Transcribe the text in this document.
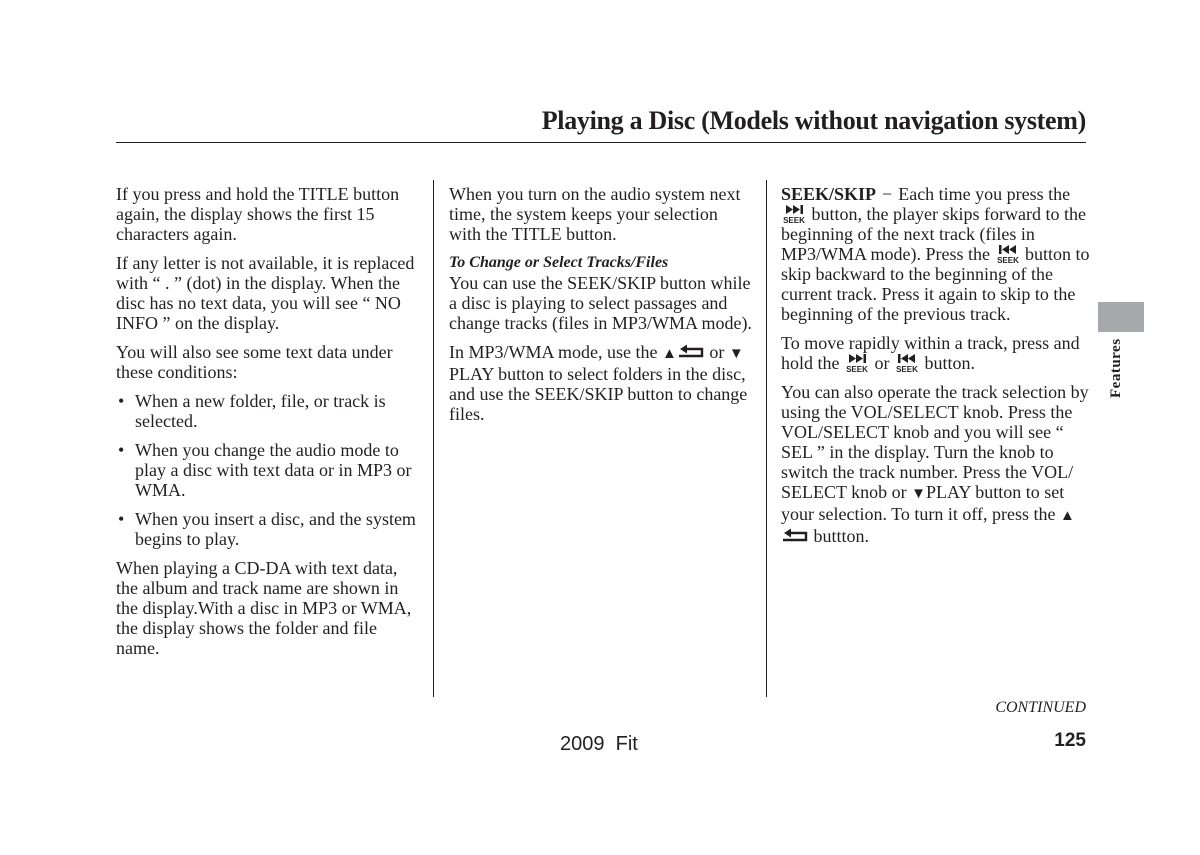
Playing a Disc (Models without navigation system)

If you press and hold the TITLE button again, the display shows the first 15 characters again.

If any letter is not available, it is replaced with “ . ” (dot) in the display. When the disc has no text data, you will see “ NO INFO ” on the display.

You will also see some text data under these conditions:

• When a new folder, file, or track is selected.
• When you change the audio mode to play a disc with text data or in MP3 or WMA.
• When you insert a disc, and the system begins to play.

When playing a CD-DA with text data, the album and track name are shown in the display.With a disc in MP3 or WMA, the display shows the folder and file name.

When you turn on the audio system next time, the system keeps your selection with the TITLE button.

To Change or Select Tracks/Files
You can use the SEEK/SKIP button while a disc is playing to select passages and change tracks (files in MP3/WMA mode).

In MP3/WMA mode, use the ▲ or ▼PLAY button to select folders in the disc, and use the SEEK/SKIP button to change files.

SEEK/SKIP − Each time you press the
SEEK button, the player skips forward to the beginning of the next track (files in MP3/WMA mode). Press the SEEK button to skip backward to the beginning of the current track. Press it again to skip to the beginning of the previous track.

To move rapidly within a track, press and hold the SEEK or SEEK button.

You can also operate the track selection by using the VOL/SELECT knob. Press the VOL/SELECT knob and you will see “ SEL ” in the display. Turn the knob to switch the track number. Press the VOL/ SELECT knob or ▼PLAY button to set your selection. To turn it off, press the ▲ buttton.

Features
CONTINUED
125
2009  Fit
